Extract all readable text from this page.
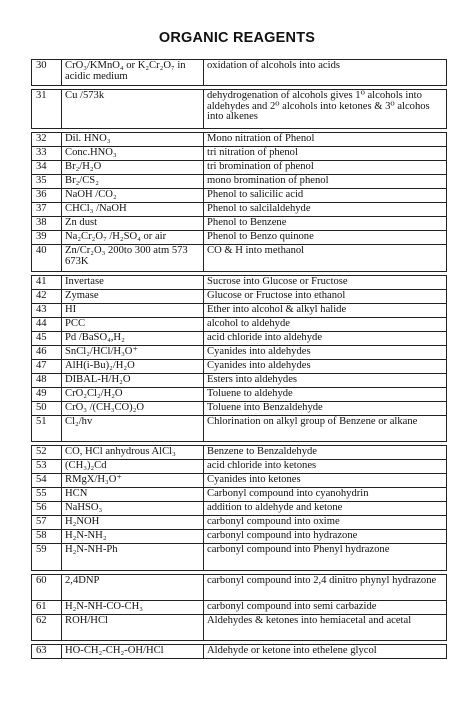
ORGANIC REAGENTS
30	CrO₃/KMnO₄ or K₂Cr₂O₇ in acidic medium	oxidation of alcohols into acids

31	Cu /573k	dehydrogenation of alcohols gives 1⁰ alcohols into aldehydes and 2⁰ alcohols into ketones & 3⁰ alcohos into alkenes

32	Dil. HNO₃	Mono nitration of Phenol
33	Conc.HNO₃	tri nitration of phenol
34	Br₂/H₂O	tri bromination of phenol
35	Br₂/CS₂	mono bromination of phenol
36	NaOH /CO₂	Phenol to salicilic acid
37	CHCl₃ /NaOH	Phenol to salcilaldehyde
38	Zn dust	Phenol to Benzene
39	Na₂Cr₂O₇ /H₂SO₄ or air	Phenol to Benzo quinone
40	Zn/Cr₂O₃ 200to 300 atm 573 673K	CO & H into methanol

41	Invertase	Sucrose into Glucose or Fructose
42	Zymase	Glucose or Fructose into ethanol
43	HI	Ether into alcohol & alkyl halide
44	PCC	alcohol to aldehyde
45	Pd /BaSO₄,H₂	acid chloride into aldehyde
46	SnCl₂/HCl/H₃O⁺	Cyanides into aldehydes
47	AlH(i-Bu)₂/H₂O	Cyanides into aldehydes
48	DIBAL-H/H₂O	Esters into aldehydes
49	CrO₂Cl₂/H₂O	Toluene to aldehyde
50	CrO₃ /(CH₃CO)₂O	Toluene into Benzaldehyde
51	Cl₂/hv	Chlorination on alkyl group of Benzene or alkane

52	CO, HCl anhydrous AlCl₃	Benzene to Benzaldehyde
53	(CH₃)₂Cd	acid chloride into ketones
54	RMgX/H₃O⁺	Cyanides into ketones
55	HCN	Carbonyl compound into cyanohydrin
56	NaHSO₃	addition to aldehyde and ketone
57	H₂NOH	carbonyl compound into oxime
58	H₂N-NH₂	carbonyl compound into hydrazone
59	H₂N-NH-Ph	carbonyl compound into Phenyl hydrazone

60	2,4DNP	carbonyl compound into 2,4 dinitro phynyl hydrazone
61	H₂N-NH-CO-CH₃	carbonyl compound into semi carbazide
62	ROH/HCl	Aldehydes & ketones into hemiacetal and acetal

63	HO-CH₂-CH₂-OH/HCl	Aldehyde or ketone into ethelene glycol
